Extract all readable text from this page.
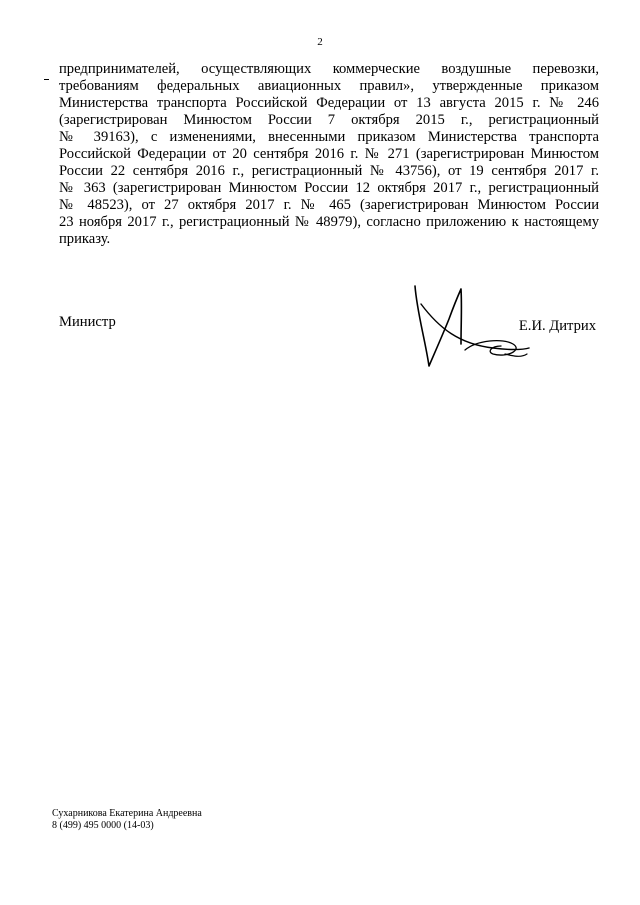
2
предпринимателей, осуществляющих коммерческие воздушные перевозки,
требованиям федеральных авиационных правил», утвержденные приказом
Министерства транспорта Российской Федерации от 13 августа 2015 г. № 246
(зарегистрирован Минюстом России 7 октября 2015 г., регистрационный
№ 39163), с изменениями, внесенными приказом Министерства транспорта
Российской Федерации от 20 сентября 2016 г. № 271 (зарегистрирован Минюстом
России 22 сентября 2016 г., регистрационный № 43756), от 19 сентября 2017 г.
№ 363 (зарегистрирован Минюстом России 12 октября 2017 г., регистрационный
№ 48523), от 27 октября 2017 г. № 465 (зарегистрирован Минюстом России
23 ноября 2017 г., регистрационный № 48979), согласно приложению к настоящему
приказу.
Министр	Е.И. Дитрих
Сухарникова Екатерина Андреевна
8 (499) 495 0000 (14-03)
